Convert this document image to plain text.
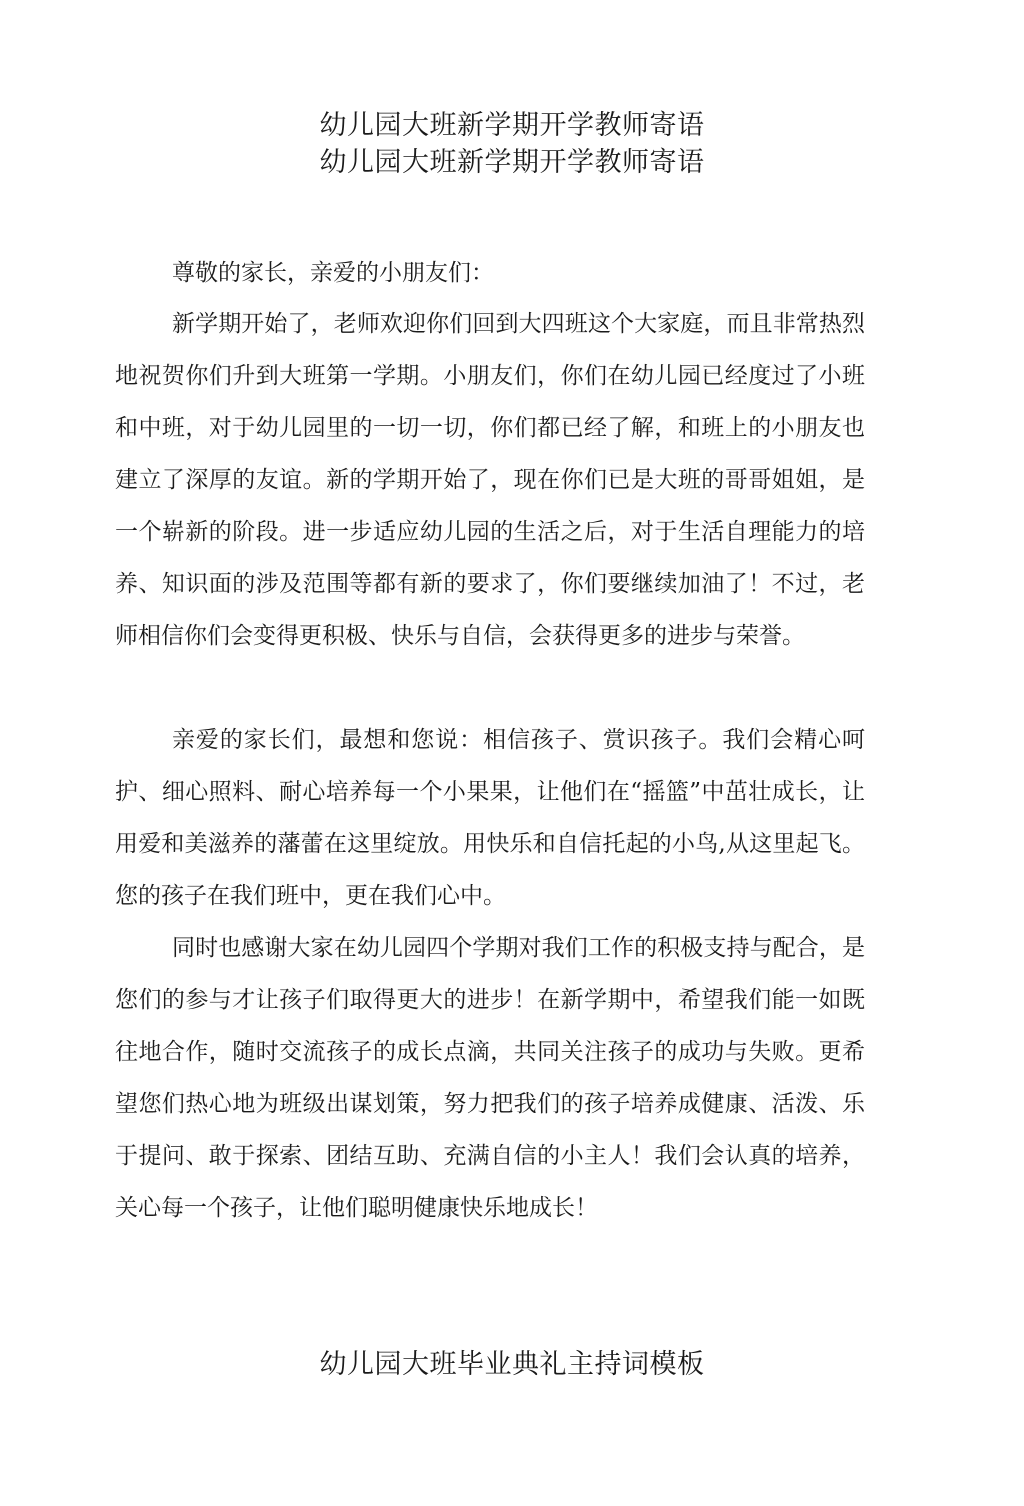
幼儿园大班新学期开学教师寄语
幼儿园大班新学期开学教师寄语
尊敬的家长，亲爱的小朋友们：

新学期开始了，老师欢迎你们回到大四班这个大家庭，而且非常热烈地祝贺你们升到大班第一学期。小朋友们，你们在幼儿园已经度过了小班和中班，对于幼儿园里的一切一切，你们都已经了解，和班上的小朋友也建立了深厚的友谊。新的学期开始了，现在你们已是大班的哥哥姐姐，是一个崭新的阶段。进一步适应幼儿园的生活之后，对于生活自理能力的培养、知识面的涉及范围等都有新的要求了，你们要继续加油了！不过，老师相信你们会变得更积极、快乐与自信，会获得更多的进步与荣誉。

亲爱的家长们，最想和您说：相信孩子、赏识孩子。我们会精心呵护、细心照料、耐心培养每一个小果果，让他们在“摇篮”中茁壮成长，让用爱和美滋养的藩蕾在这里绽放。用快乐和自信托起的小鸟,从这里起飞。您的孩子在我们班中，更在我们心中。

同时也感谢大家在幼儿园四个学期对我们工作的积极支持与配合，是您们的参与才让孩子们取得更大的进步！在新学期中，希望我们能一如既往地合作，随时交流孩子的成长点滴，共同关注孩子的成功与失败。更希望您们热心地为班级出谋划策，努力把我们的孩子培养成健康、活泼、乐于提问、敢于探索、团结互助、充满自信的小主人！我们会认真的培养，关心每一个孩子，让他们聪明健康快乐地成长！

幼儿园大班毕业典礼主持词模板
